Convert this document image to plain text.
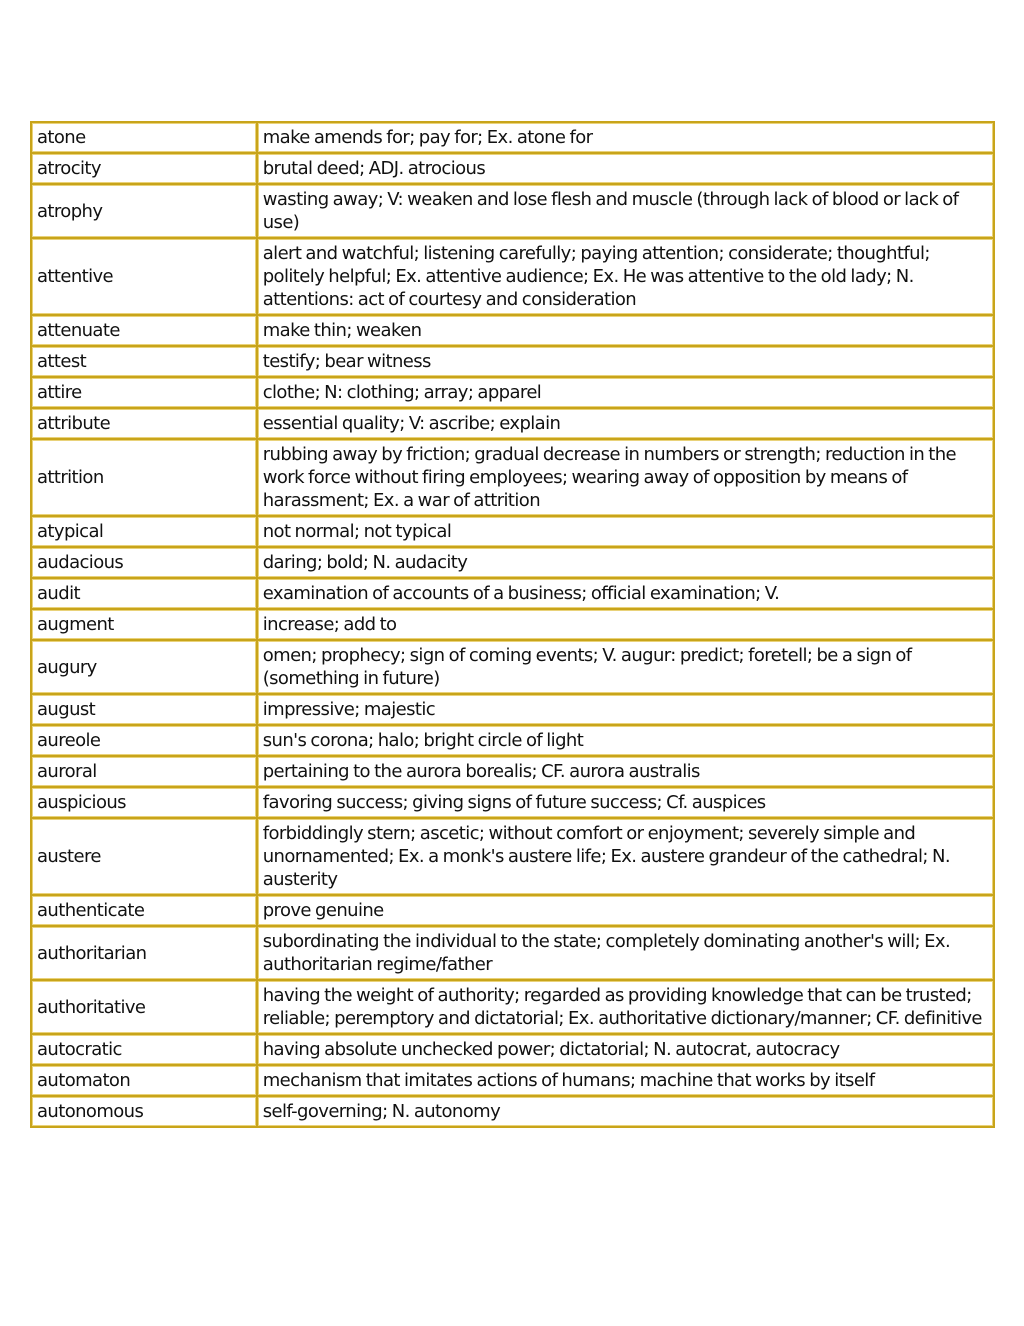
atone	make amends for; pay for; Ex. atone for
atrocity	brutal deed; ADJ. atrocious
atrophy	wasting away; V: weaken and lose flesh and muscle (through lack of blood or lack of use)
attentive	alert and watchful; listening carefully; paying attention; considerate; thoughtful; politely helpful; Ex. attentive audience; Ex. He was attentive to the old lady; N. attentions: act of courtesy and consideration
attenuate	make thin; weaken
attest	testify; bear witness
attire	clothe; N: clothing; array; apparel
attribute	essential quality; V: ascribe; explain
attrition	rubbing away by friction; gradual decrease in numbers or strength; reduction in the work force without firing employees; wearing away of opposition by means of harassment; Ex. a war of attrition
atypical	not normal; not typical
audacious	daring; bold; N. audacity
audit	examination of accounts of a business; official examination; V.
augment	increase; add to
augury	omen; prophecy; sign of coming events; V. augur: predict; foretell; be a sign of (something in future)
august	impressive; majestic
aureole	sun's corona; halo; bright circle of light
auroral	pertaining to the aurora borealis; CF. aurora australis
auspicious	favoring success; giving signs of future success; Cf. auspices
austere	forbiddingly stern; ascetic; without comfort or enjoyment; severely simple and unornamented; Ex. a monk's austere life; Ex. austere grandeur of the cathedral; N. austerity
authenticate	prove genuine
authoritarian	subordinating the individual to the state; completely dominating another's will; Ex. authoritarian regime/father
authoritative	having the weight of authority; regarded as providing knowledge that can be trusted; reliable; peremptory and dictatorial; Ex. authoritative dictionary/manner; CF. definitive
autocratic	having absolute unchecked power; dictatorial; N. autocrat, autocracy
automaton	mechanism that imitates actions of humans; machine that works by itself
autonomous	self-governing; N. autonomy
